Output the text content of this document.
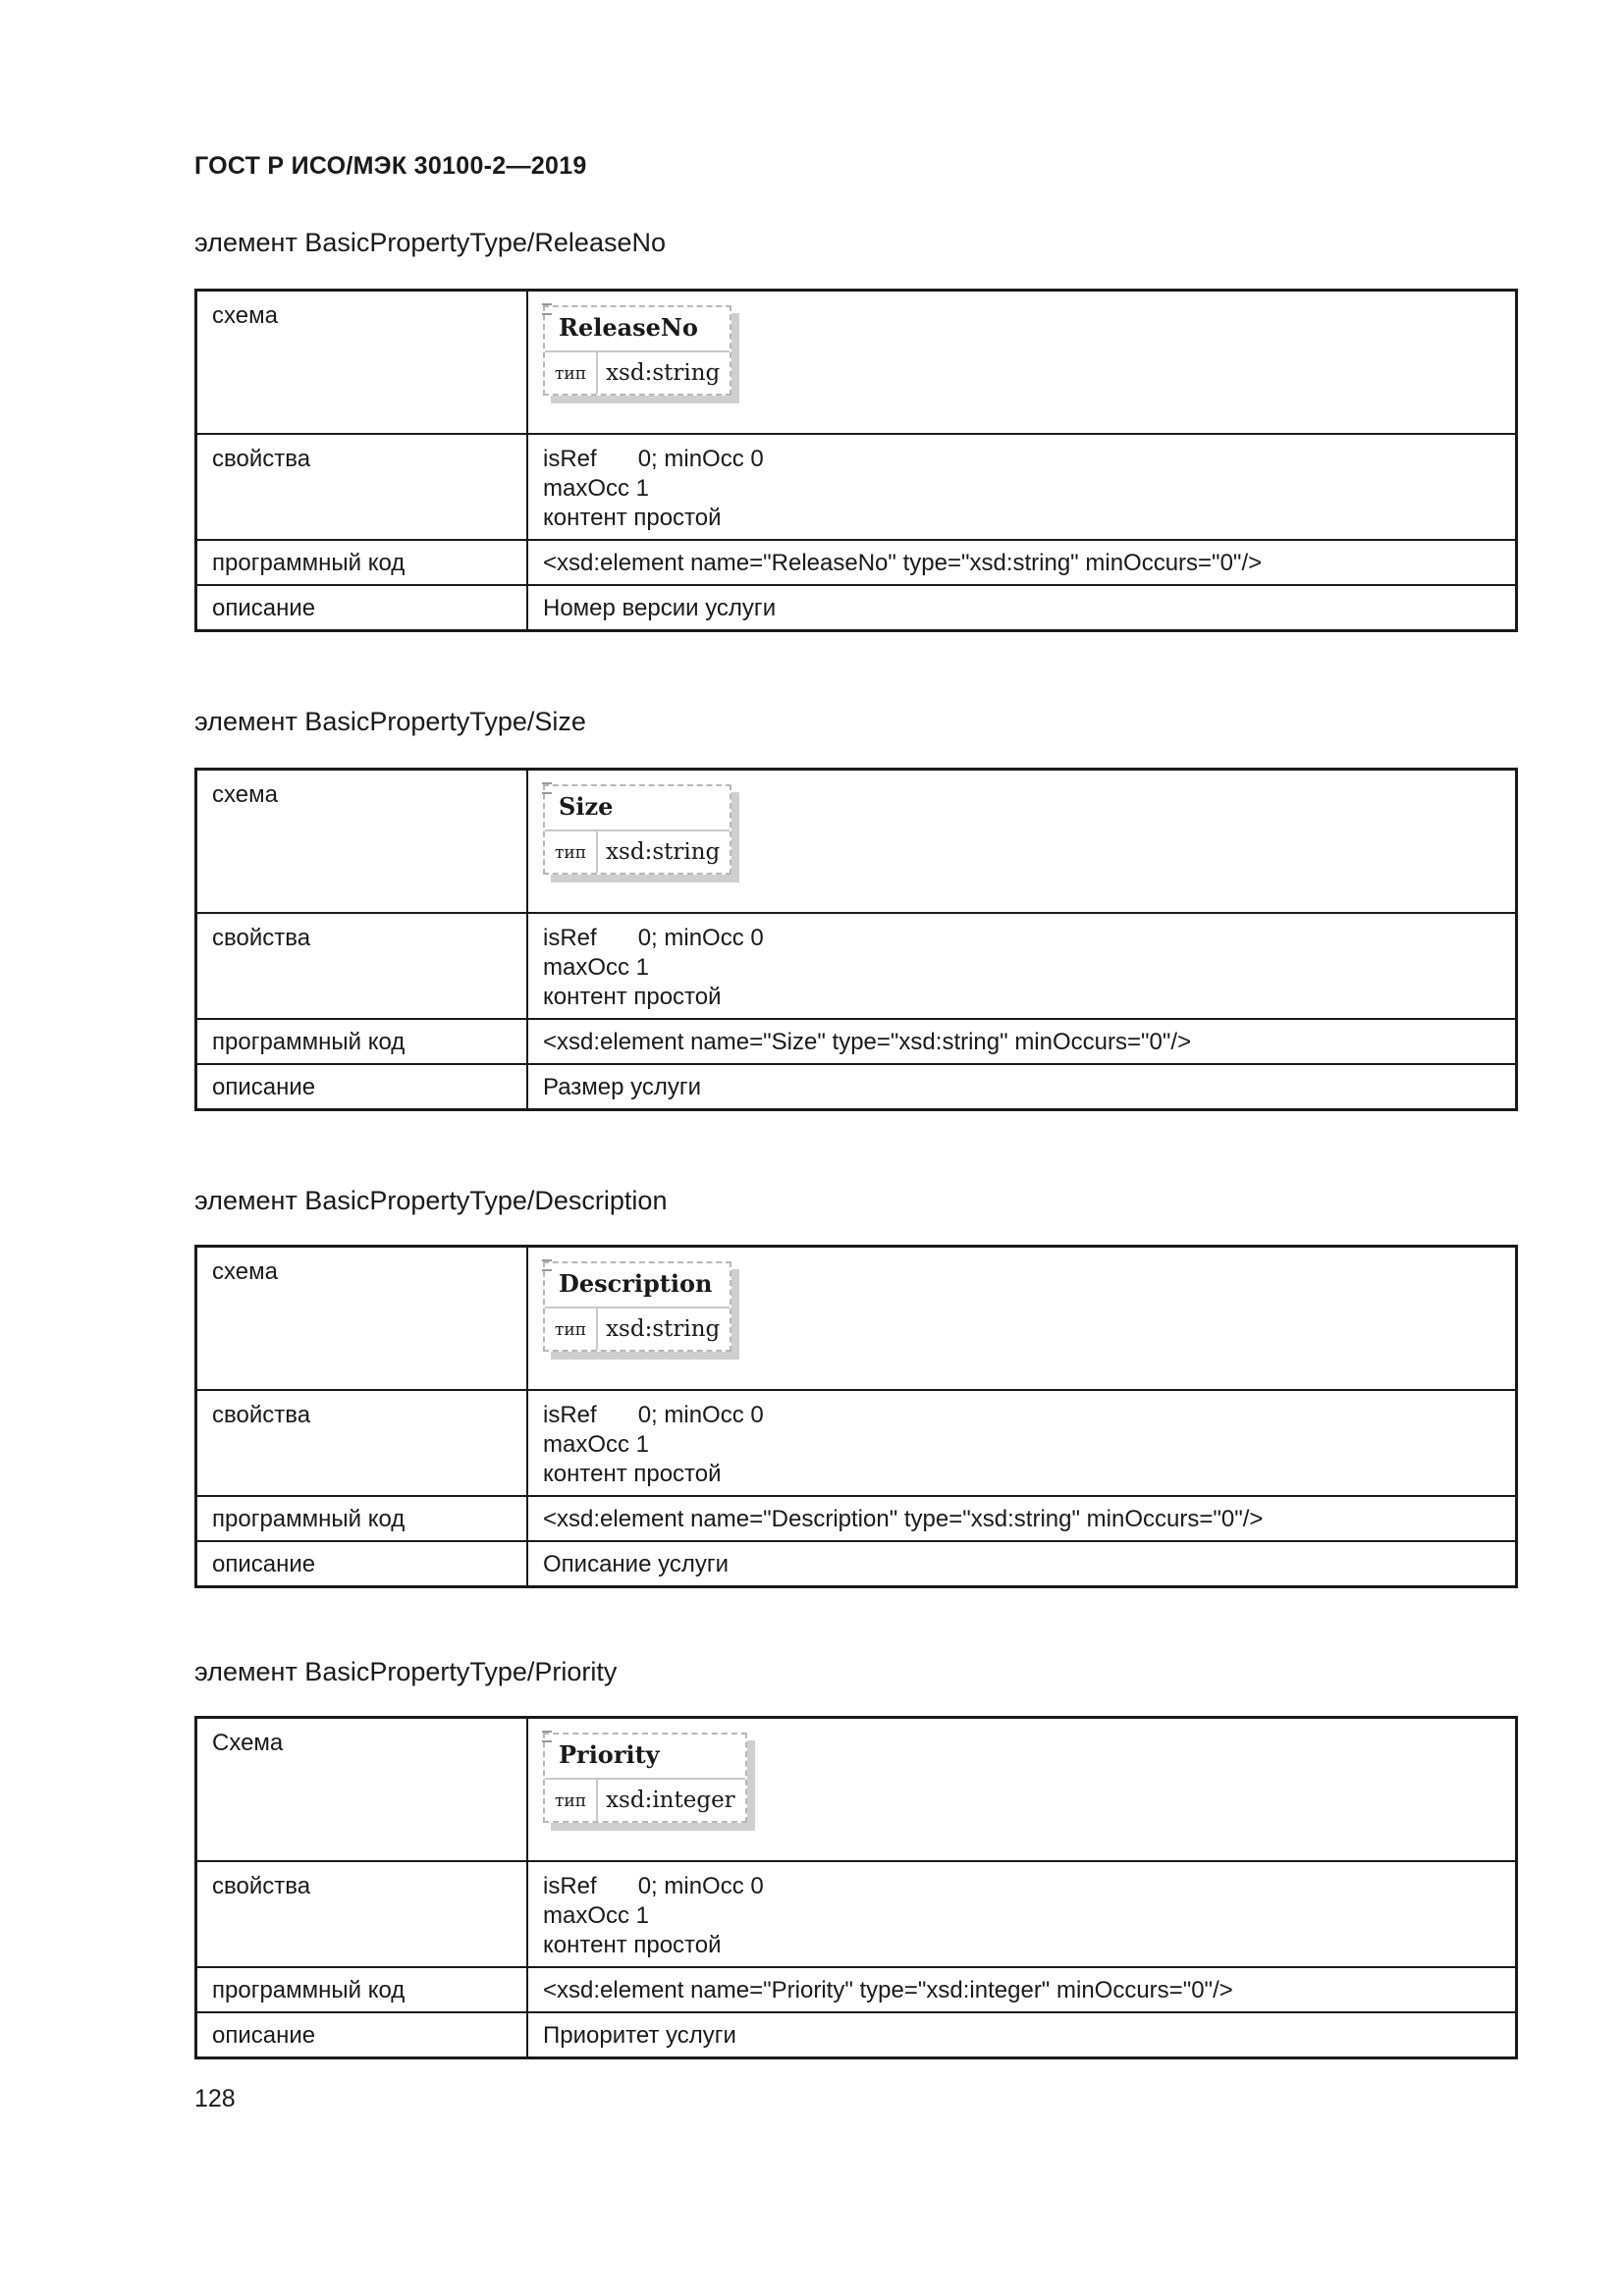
ГОСТ Р ИСО/МЭК 30100-2—2019
элемент BasicPropertyType/ReleaseNo
схема	ReleaseNo
тип xsd:string

свойства	isRef 0; minOcc 0
maxOcc 1
контент простой

программный код	<xsd:element name="ReleaseNo" type="xsd:string" minOccurs="0"/>
описание	Номер версии услуги
элемент BasicPropertyType/Size
схема	Size
тип xsd:string

свойства	isRef 0; minOcc 0
maxOcc 1
контент простой

программный код	<xsd:element name="Size" type="xsd:string" minOccurs="0"/>
описание	Размер услуги
элемент BasicPropertyType/Description
схема	Description
тип xsd:string

свойства	isRef 0; minOcc 0
maxOcc 1
контент простой

программный код	<xsd:element name="Description" type="xsd:string" minOccurs="0"/>
описание	Описание услуги
элемент BasicPropertyType/Priority
Схема	Priority
тип xsd:integer

свойства	isRef 0; minOcc 0
maxOcc 1
контент простой

программный код	<xsd:element name="Priority" type="xsd:integer" minOccurs="0"/>
описание	Приоритет услуги
128
